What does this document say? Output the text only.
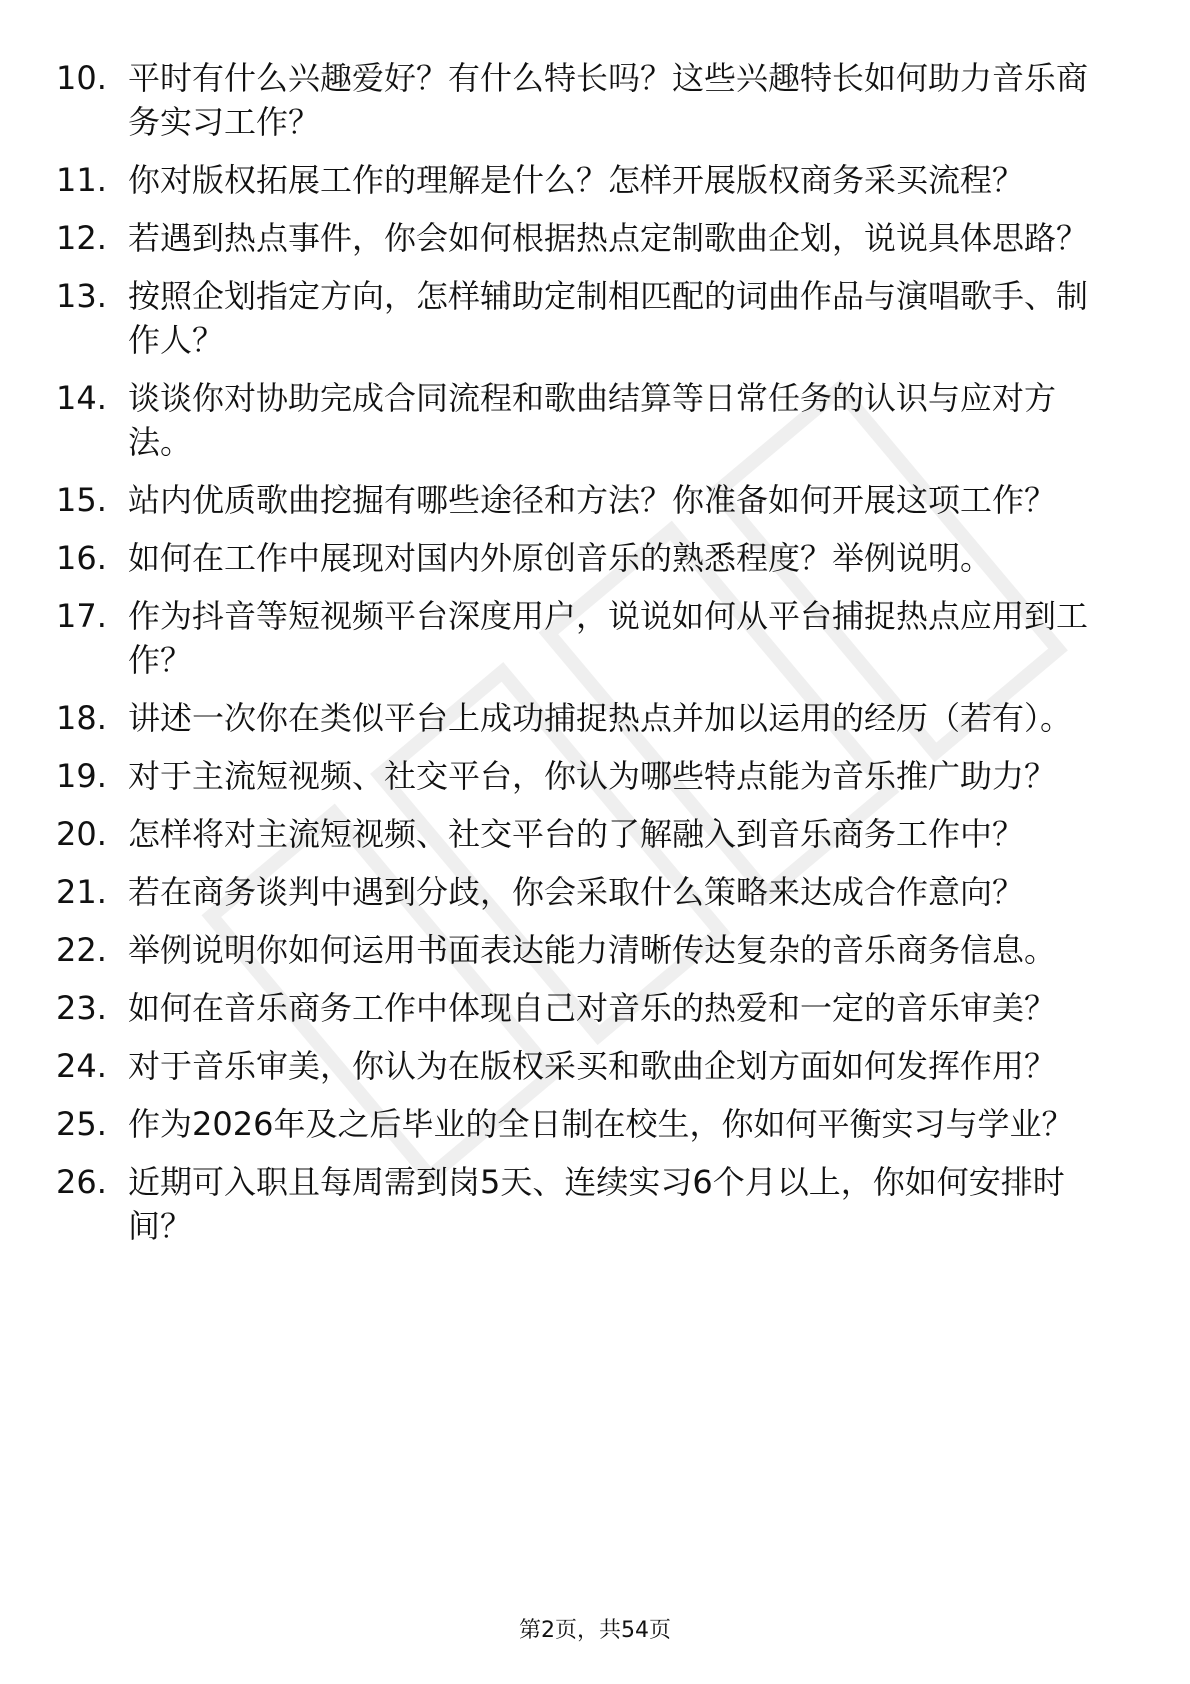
10. 平时有什么兴趣爱好？有什么特长吗？这些兴趣特长如何助力音乐商务实习工作？
11. 你对版权拓展工作的理解是什么？怎样开展版权商务采买流程？
12. 若遇到热点事件，你会如何根据热点定制歌曲企划，说说具体思路？
13. 按照企划指定方向，怎样辅助定制相匹配的词曲作品与演唱歌手、制作人？
14. 谈谈你对协助完成合同流程和歌曲结算等日常任务的认识与应对方法。
15. 站内优质歌曲挖掘有哪些途径和方法？你准备如何开展这项工作？
16. 如何在工作中展现对国内外原创音乐的熟悉程度？举例说明。
17. 作为抖音等短视频平台深度用户，说说如何从平台捕捉热点应用到工作？
18. 讲述一次你在类似平台上成功捕捉热点并加以运用的经历（若有）。
19. 对于主流短视频、社交平台，你认为哪些特点能为音乐推广助力？
20. 怎样将对主流短视频、社交平台的了解融入到音乐商务工作中？
21. 若在商务谈判中遇到分歧，你会采取什么策略来达成合作意向？
22. 举例说明你如何运用书面表达能力清晰传达复杂的音乐商务信息。
23. 如何在音乐商务工作中体现自己对音乐的热爱和一定的音乐审美？
24. 对于音乐审美，你认为在版权采买和歌曲企划方面如何发挥作用？
25. 作为2026年及之后毕业的全日制在校生，你如何平衡实习与学业？
26. 近期可入职且每周需到岗5天、连续实习6个月以上，你如何安排时间？
第2页，共54页
